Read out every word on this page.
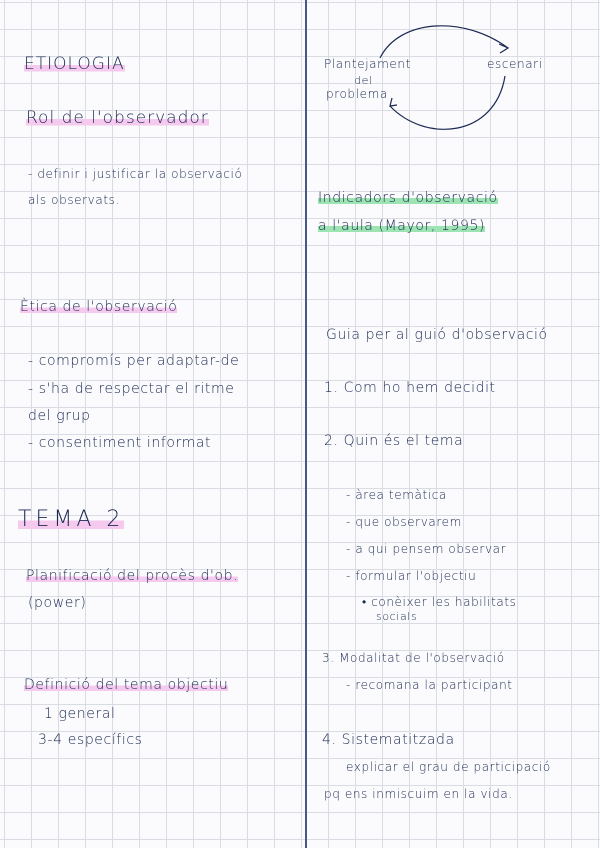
ETIOLOGIA
Rol de l'observador
- definir i justificar la observació
als observats.
Ètica de l'observació
- compromís per adaptar-de
- s'ha de respectar el ritme
del grup
- consentiment informat
TEMA 2
Planificació del procès d'ob.
(power)
Definició del tema objectiu
1 general
3-4 específics
Plantejament
del
problema
escenari
Indicadors d'observació
a l'aula (Mayor, 1995)
Guia per al guió d'observació
1. Com ho hem decidit
2. Quin és el tema
- àrea temàtica
- que observarem
- a qui pensem observar
- formular l'objectiu
• conèixer les habilitats
socials
3. Modalitat de l'observació
- recomana la participant
4. Sistematitzada
explicar el grau de participació
pq ens inmiscuim en la vida.
